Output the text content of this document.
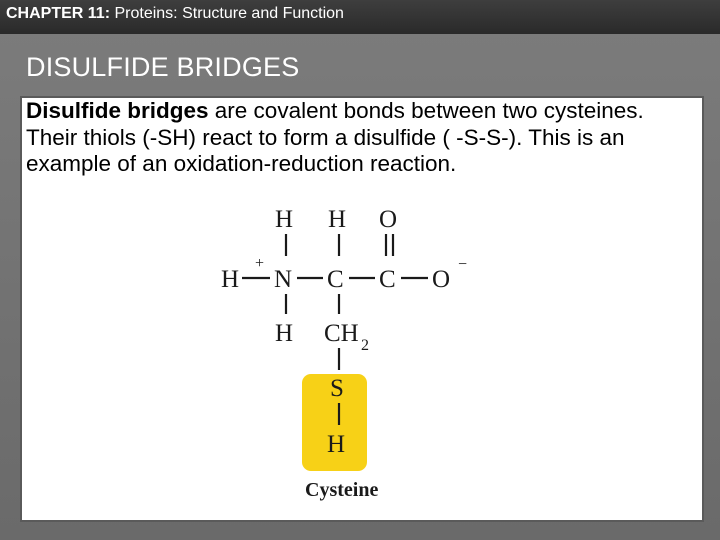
CHAPTER 11: Proteins: Structure and Function
DISULFIDE BRIDGES
Disulfide bridges are covalent bonds between two cysteines. Their thiols (-SH) react to form a disulfide ( -S-S-). This is an example of an oxidation-reduction reaction.
H H O
H
+
N C C O
−
H CH 2
S
H
Cysteine
